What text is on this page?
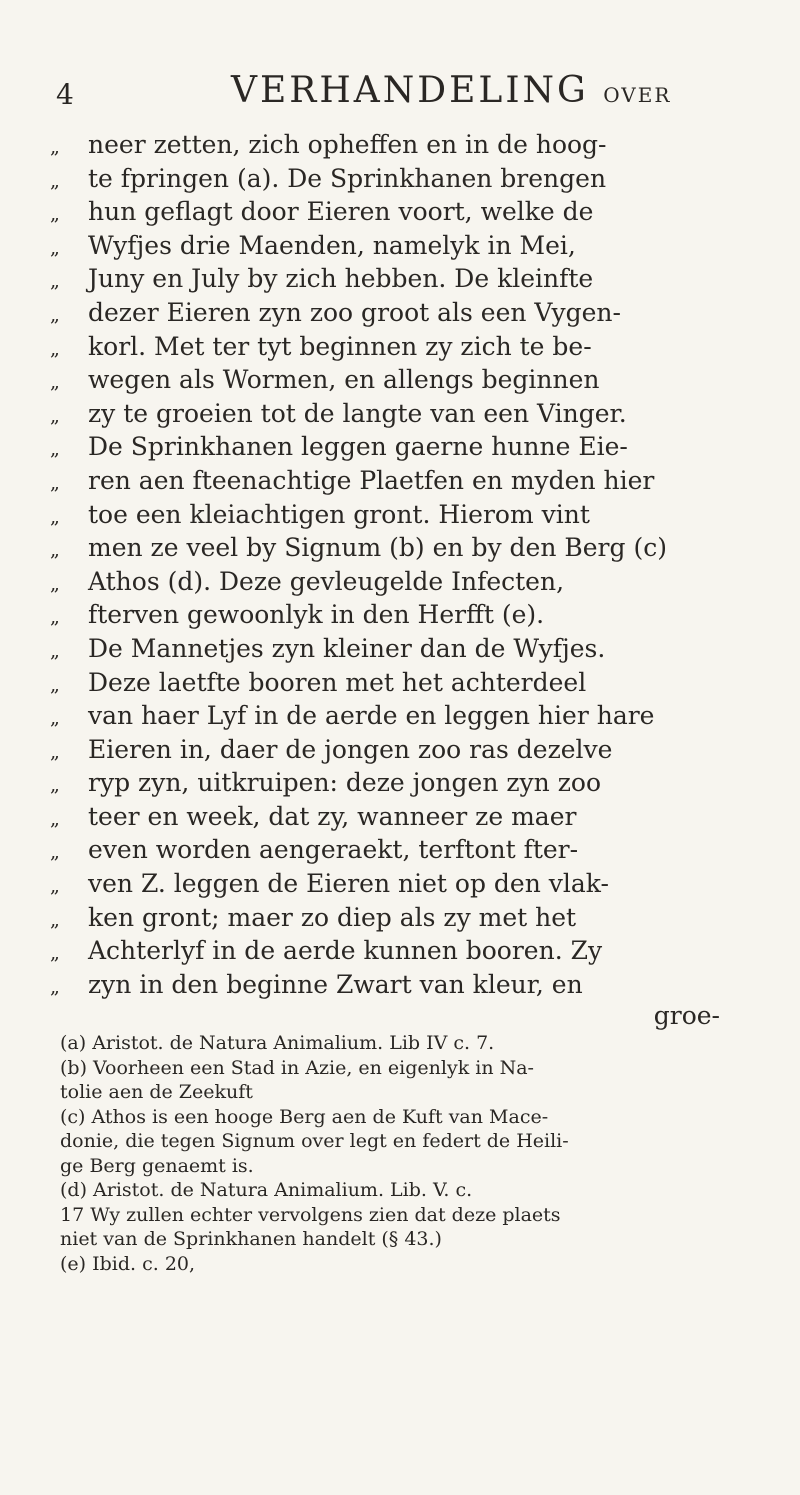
4	VERHANDELING OVER
„ neer zetten, zich opheffen en in de hoog-
„ te fpringen (a). De Sprinkhanen brengen
„ hun geflagt door Eieren voort, welke de
„ Wyfjes drie Maenden, namelyk in Mei,
„ Juny en July by zich hebben. De kleinfte
„ dezer Eieren zyn zoo groot als een Vygen-
„ korl. Met ter tyt beginnen zy zich te be-
„ wegen als Wormen, en allengs beginnen
„ zy te groeien tot de langte van een Vinger.
„ De Sprinkhanen leggen gaerne hunne Eie-
„ ren aen fteenachtige Plaetfen en myden hier
„ toe een kleiachtigen gront. Hierom vint
„ men ze veel by Signum (b) en by den Berg (c)
„ Athos (d). Deze gevleugelde Infecten,
„ fterven gewoonlyk in den Herfft (e).
„ De Mannetjes zyn kleiner dan de Wyfjes.
„ Deze laetfte booren met het achterdeel
„ van haer Lyf in de aerde en leggen hier hare
„ Eieren in, daer de jongen zoo ras dezelve
„ ryp zyn, uitkruipen: deze jongen zyn zoo
„ teer en week, dat zy, wanneer ze maer
„ even worden aengeraekt, terftont fter-
„ ven Z. leggen de Eieren niet op den vlak-
„ ken gront; maer zo diep als zy met het
„ Achterlyf in de aerde kunnen booren. Zy
„ zyn in den beginne Zwart van kleur, en
groe-

(a) Aristot. de Natura Animalium. Lib IV c. 7.

(b) Voorheen een Stad in Azie, en eigenlyk in Na-

tolie aen de Zeekuft

(c) Athos is een hooge Berg aen de Kuft van Mace-

donie, die tegen Signum over legt en federt de Heili-

ge Berg genaemt is.

(d) Aristot. de Natura Animalium. Lib. V. c.

17 Wy zullen echter vervolgens zien dat deze plaets

niet van de Sprinkhanen handelt (§ 43.)

(e) Ibid. c. 20,
